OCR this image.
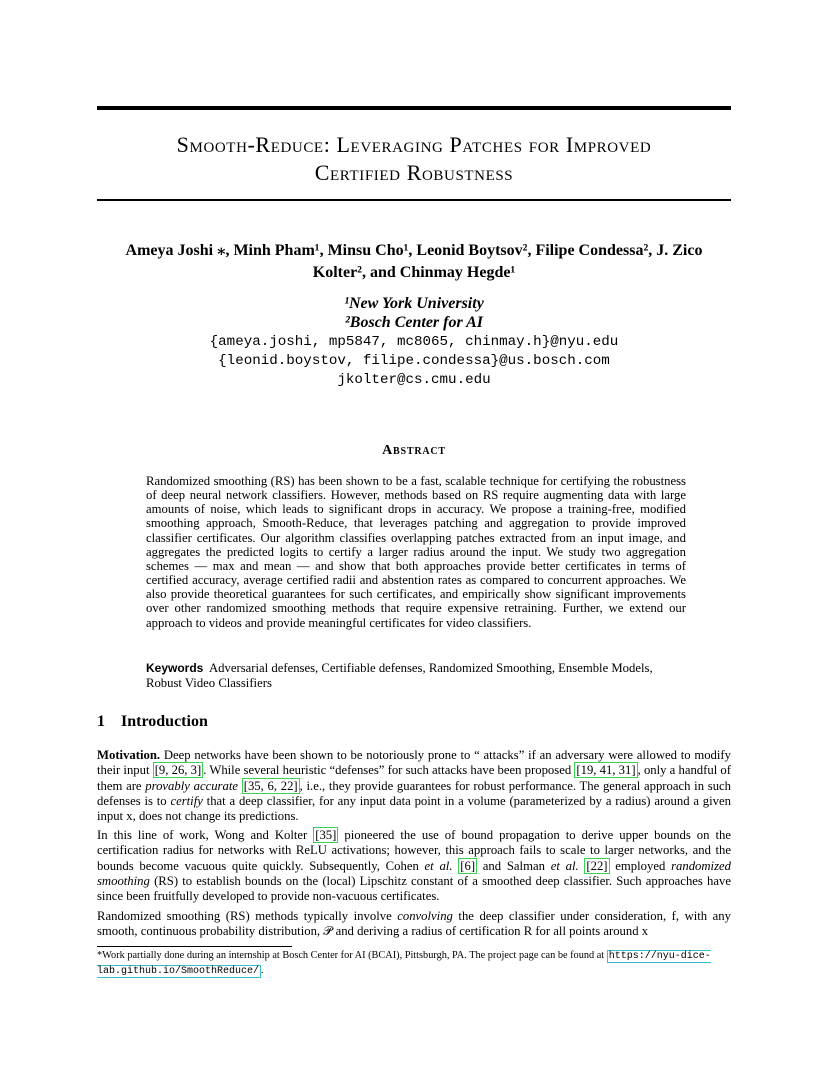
Smooth-Reduce: Leveraging Patches for Improved
Certified Robustness
Ameya Joshi ⁎, Minh Pham¹, Minsu Cho¹, Leonid Boytsov², Filipe Condessa², J. Zico Kolter², and Chinmay Hegde¹
¹New York University
²Bosch Center for AI
{ameya.joshi, mp5847, mc8065, chinmay.h}@nyu.edu
{leonid.boystov, filipe.condessa}@us.bosch.com
jkolter@cs.cmu.edu
Abstract
Randomized smoothing (RS) has been shown to be a fast, scalable technique for certifying the robustness of deep neural network classifiers. However, methods based on RS require augmenting data with large amounts of noise, which leads to significant drops in accuracy. We propose a training-free, modified smoothing approach, Smooth-Reduce, that leverages patching and aggregation to provide improved classifier certificates. Our algorithm classifies overlapping patches extracted from an input image, and aggregates the predicted logits to certify a larger radius around the input. We study two aggregation schemes — max and mean — and show that both approaches provide better certificates in terms of certified accuracy, average certified radii and abstention rates as compared to concurrent approaches. We also provide theoretical guarantees for such certificates, and empirically show significant improvements over other randomized smoothing methods that require expensive retraining. Further, we extend our approach to videos and provide meaningful certificates for video classifiers.
Keywords Adversarial defenses, Certifiable defenses, Randomized Smoothing, Ensemble Models, Robust Video Classifiers
1 Introduction
Motivation. Deep networks have been shown to be notoriously prone to “ attacks” if an adversary were allowed to modify their input [9, 26, 3] . While several heuristic “defenses” for such attacks have been proposed [19, 41, 31] , only a handful of them are provably accurate [35, 6, 22] , i.e., they provide guarantees for robust performance. The general approach in such defenses is to certify that a deep classifier, for any input data point in a volume (parameterized by a radius) around a given input x, does not change its predictions.
In this line of work, Wong and Kolter [35] pioneered the use of bound propagation to derive upper bounds on the certification radius for networks with ReLU activations; however, this approach fails to scale to larger networks, and the bounds become vacuous quite quickly. Subsequently, Cohen et al. [6] and Salman et al. [22] employed randomized smoothing (RS) to establish bounds on the (local) Lipschitz constant of a smoothed deep classifier. Such approaches have since been fruitfully developed to provide non-vacuous certificates.
Randomized smoothing (RS) methods typically involve convolving the deep classifier under consideration, f, with any smooth, continuous probability distribution, 𝒫 and deriving a radius of certification R for all points around x
*Work partially done during an internship at Bosch Center for AI (BCAI), Pittsburgh, PA. The project page can be found at https://nyu-dice-lab.github.io/SmoothReduce/ .
